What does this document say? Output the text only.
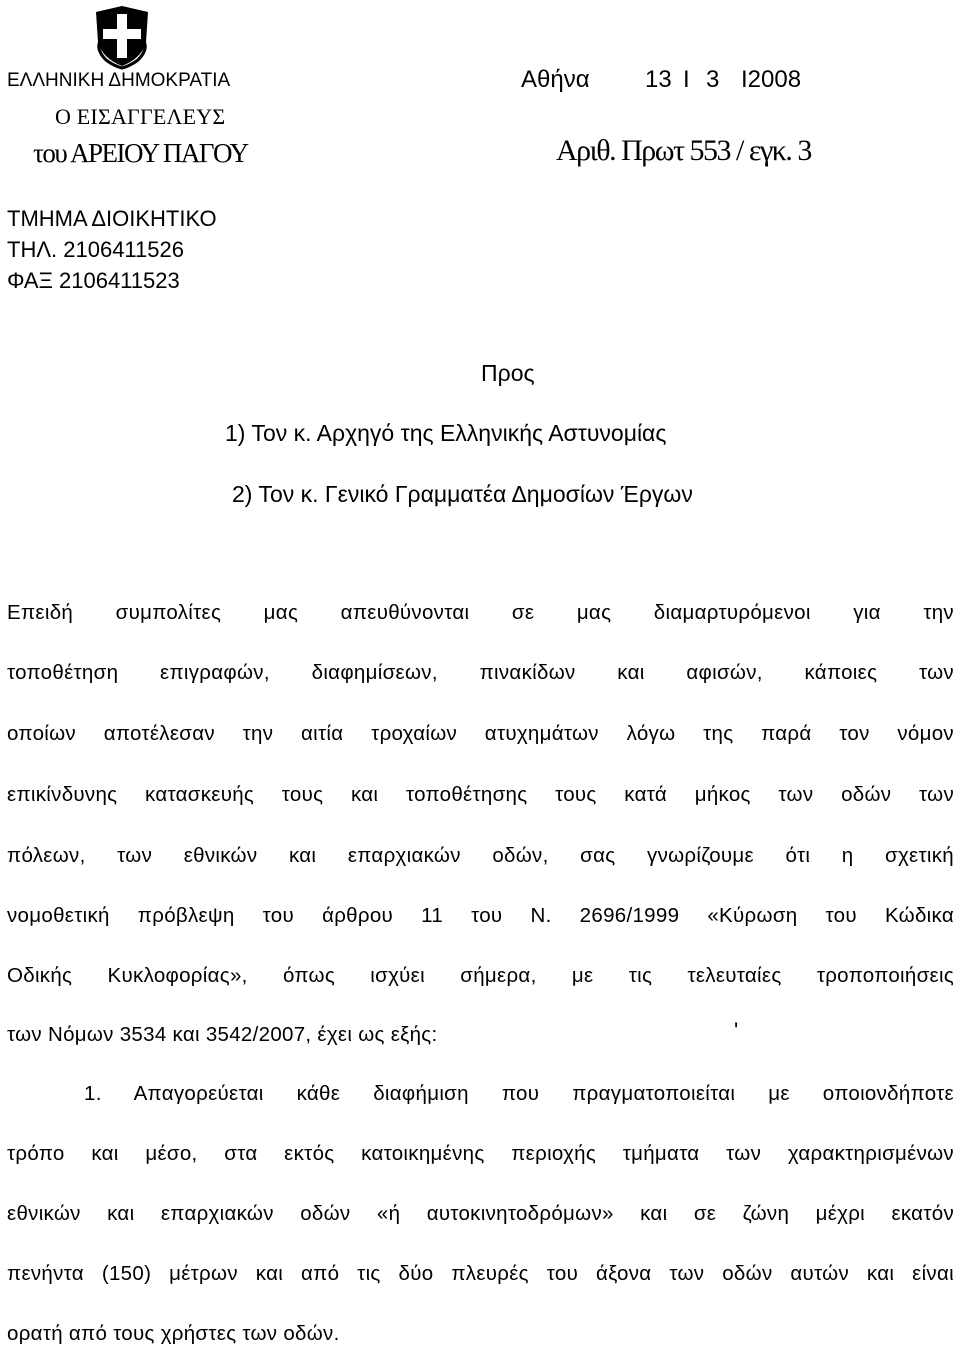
ΕΛΛΗΝΙΚΗ ΔΗΜΟΚΡΑΤΙΑ
Ο ΕΙΣΑΓΓΕΛΕΥΣ
του ΑΡΕΙΟΥ ΠΑΓΟΥ
ΤΜΗΜΑ ΔΙΟΙΚΗΤΙΚΟ
ΤΗΛ. 2106411526
ΦΑΞ 2106411523
Αθήνα 13 Ι 3 Ι2008
Αριθ. Πρωτ 553 / εγκ. 3
Προς
1) Τον κ. Αρχηγό της Ελληνικής Αστυνομίας
2) Τον κ. Γενικό Γραμματέα Δημοσίων Έργων
Επειδή συμπολίτες μας απευθύνονται σε μας διαμαρτυρόμενοι για την
τοποθέτηση επιγραφών, διαφημίσεων, πινακίδων και αφισών, κάποιες των
οποίων αποτέλεσαν την αιτία τροχαίων ατυχημάτων λόγω της παρά τον νόμον
επικίνδυνης κατασκευής τους και τοποθέτησης τους κατά μήκος των οδών των
πόλεων, των εθνικών και επαρχιακών οδών, σας γνωρίζουμε ότι η σχετική
νομοθετική πρόβλεψη του άρθρου 11 του Ν. 2696/1999 «Κύρωση του Κώδικα
Οδικής Κυκλοφορίας», όπως ισχύει σήμερα, με τις τελευταίες τροποποιήσεις
των Νόμων 3534 και 3542/2007, έχει ως εξής:	'
1. Απαγορεύεται κάθε διαφήμιση που πραγματοποιείται με οποιονδήποτε
τρόπο και μέσο, στα εκτός κατοικημένης περιοχής τμήματα των χαρακτηρισμένων
εθνικών και επαρχιακών οδών «ή αυτοκινητοδρόμων» και σε ζώνη μέχρι εκατόν
πενήντα (150) μέτρων και από τις δύο πλευρές του άξονα των οδών αυτών και είναι
ορατή από τους χρήστες των οδών.
